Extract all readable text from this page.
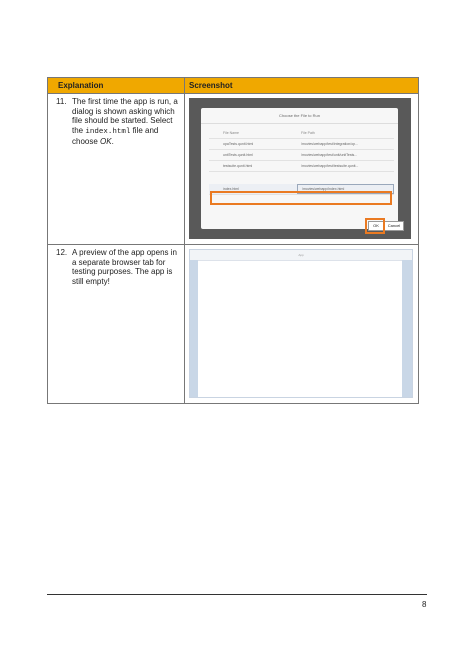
Explanation	Screenshot
11. The first time the app is run, a dialog is shown asking which file should be started. Select the index.html file and choose OK.
Choose the File to Run
File Name	File Path
opaTests.qunit.html	/movies/webapp/test/integration/op...
unitTests.qunit.html	/movies/webapp/test/unit/unitTests...
testsuite.qunit.html	/movies/webapp/test/testsuite.qunit...
index.html	/movies/webapp/index.html
OK	Cancel
12. A preview of the app opens in a separate browser tab for testing purposes. The app is still empty!
App
8
